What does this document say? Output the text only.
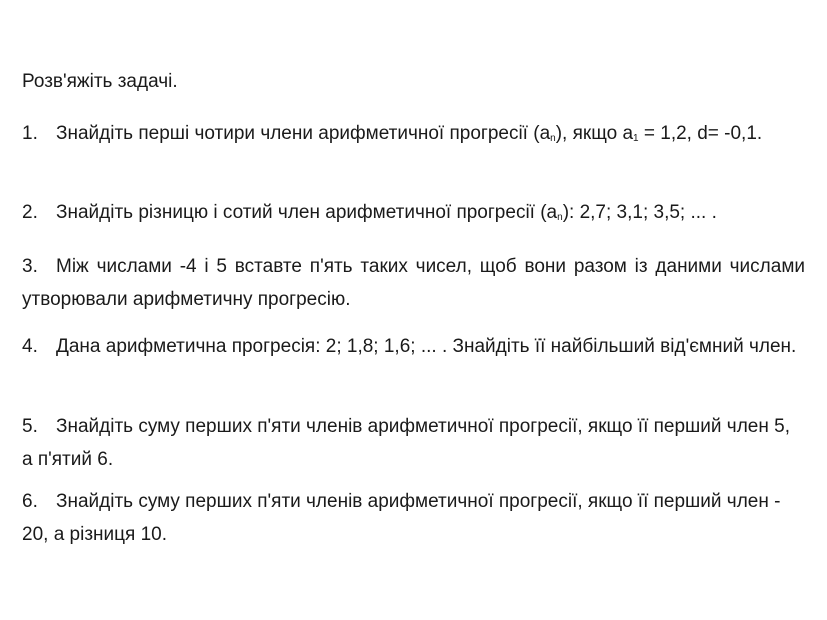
Розв'яжіть задачі.
1. Знайдіть перші чотири члени арифметичної прогресії $(a_n)$, якщо $a_1 = 1,2$, d= -0,1.
2. Знайдіть різницю і сотий член арифметичної прогресії $(a_n)$: 2,7; 3,1; 3,5; ... .
3. Між числами -4 і 5 вставте п'ять таких чисел, щоб вони разом із даними числами утворювали арифметичну прогресію.
4. Дана арифметична прогресія: 2; 1,8; 1,6; ... . Знайдіть її найбільший від'ємний член.
5. Знайдіть суму перших п'яти членів арифметичної прогресії, якщо її перший член 5, а п'ятий 6.
6. Знайдіть суму перших п'яти членів арифметичної прогресії, якщо її перший член - 20, а різниця 10.
